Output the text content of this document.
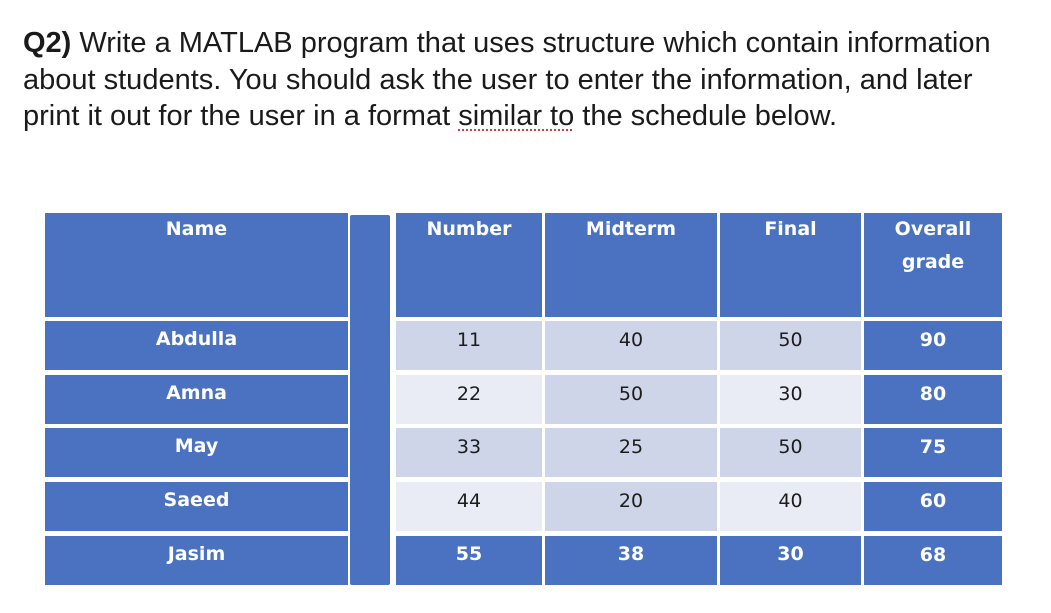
Q2) Write a MATLAB program that uses structure which contain information about students. You should ask the user to enter the information, and later print it out for the user in a format similar to the schedule below.

Name	Number	Midterm	Final	Overall grade
Abdulla	11	40	50	90
Amna	22	50	30	80
May	33	25	50	75
Saeed	44	20	40	60
Jasim	55	38	30	68
